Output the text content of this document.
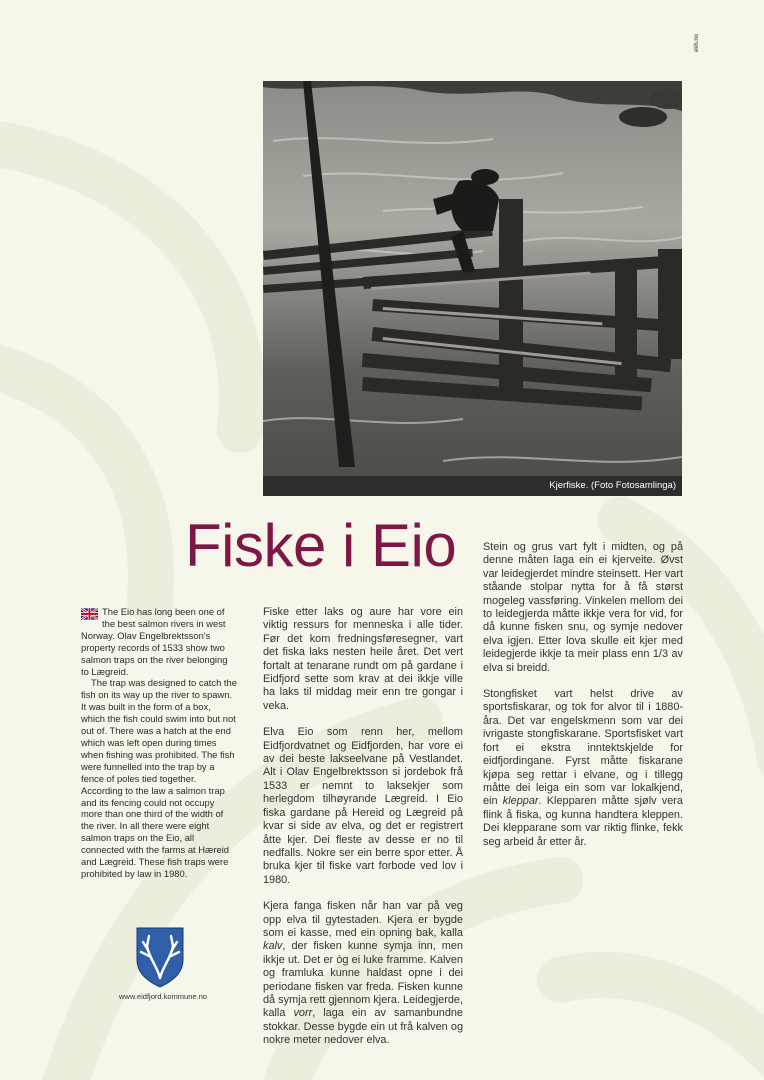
ekh.no
Kjerfiske. (Foto Fotosamlinga)
Fiske i Eio

The Eio has long been one of the best salmon rivers in west Norway. Olav Engelbrektsson's property records of 1533 show two salmon traps on the river belonging to Lægreid.

The trap was designed to catch the fish on its way up the river to spawn. It was built in the form of a box, which the fish could swim into but not out of. There was a hatch at the end which was left open during times when fishing was prohibited. The fish were funnelled into the trap by a fence of poles tied together. According to the law a salmon trap and its fencing could not occupy more than one third of the width of the river. In all there were eight salmon traps on the Eio, all connected with the farms at Hæreid and Lægreid. These fish traps were prohibited by law in 1980.

www.eidfjord.kommune.no

Fiske etter laks og aure har vore ein viktig ressurs for menneska i alle tider. Før det kom fredningsføresegner, vart det fiska laks nesten heile året. Det vert fortalt at tenarane rundt om på gardane i Eidfjord sette som krav at dei ikkje ville ha laks til middag meir enn tre gongar i veka.

Elva Eio som renn her, mellom Eidfjordvatnet og Eidfjorden, har vore ei av dei beste lakseelvane på Vestlandet. Alt i Olav Engelbrektsson si jordebok frå 1533 er nemnt to laksekjer som herlegdom tilhøyrande Lægreid. I Eio fiska gardane på Hereid og Lægreid på kvar si side av elva, og det er registrert åtte kjer. Dei fleste av desse er no til nedfalls. Nokre ser ein berre spor etter. Å bruka kjer til fiske vart forbode ved lov i 1980.

Kjera fanga fisken når han var på veg opp elva til gytestaden. Kjera er bygde som ei kasse, med ein opning bak, kalla kalv, der fisken kunne symja inn, men ikkje ut. Det er òg ei luke framme. Kalven og framluka kunne haldast opne i dei periodane fisken var freda. Fisken kunne då symja rett gjennom kjera. Leidegjerde, kalla vorr, laga ein av samanbundne stokkar. Desse bygde ein ut frå kalven og nokre meter nedover elva.

Stein og grus vart fylt i midten, og på denne måten laga ein ei kjerveite. Øvst var leidegjerdet mindre steinsett. Her vart ståande stolpar nytta for å få størst mogeleg vassføring. Vinkelen mellom dei to leidegjerda måtte ikkje vera for vid, for då kunne fisken snu, og symje nedover elva igjen. Etter lova skulle eit kjer med leidegjerde ikkje ta meir plass enn 1/3 av elva si breidd.

Stongfisket vart helst drive av sportsfiskarar, og tok for alvor til i 1880-åra. Det var engelskmenn som var dei ivrigaste stongfiskarane. Sportsfisket vart fort ei ekstra inntektskjelde for eidfjordingane. Fyrst måtte fiskarane kjøpa seg rettar i elvane, og i tillegg måtte dei leiga ein som var lokalkjend, ein kleppar. Klepparen måtte sjølv vera flink å fiska, og kunna handtera kleppen. Dei klepparane som var riktig flinke, fekk seg arbeid år etter år.
